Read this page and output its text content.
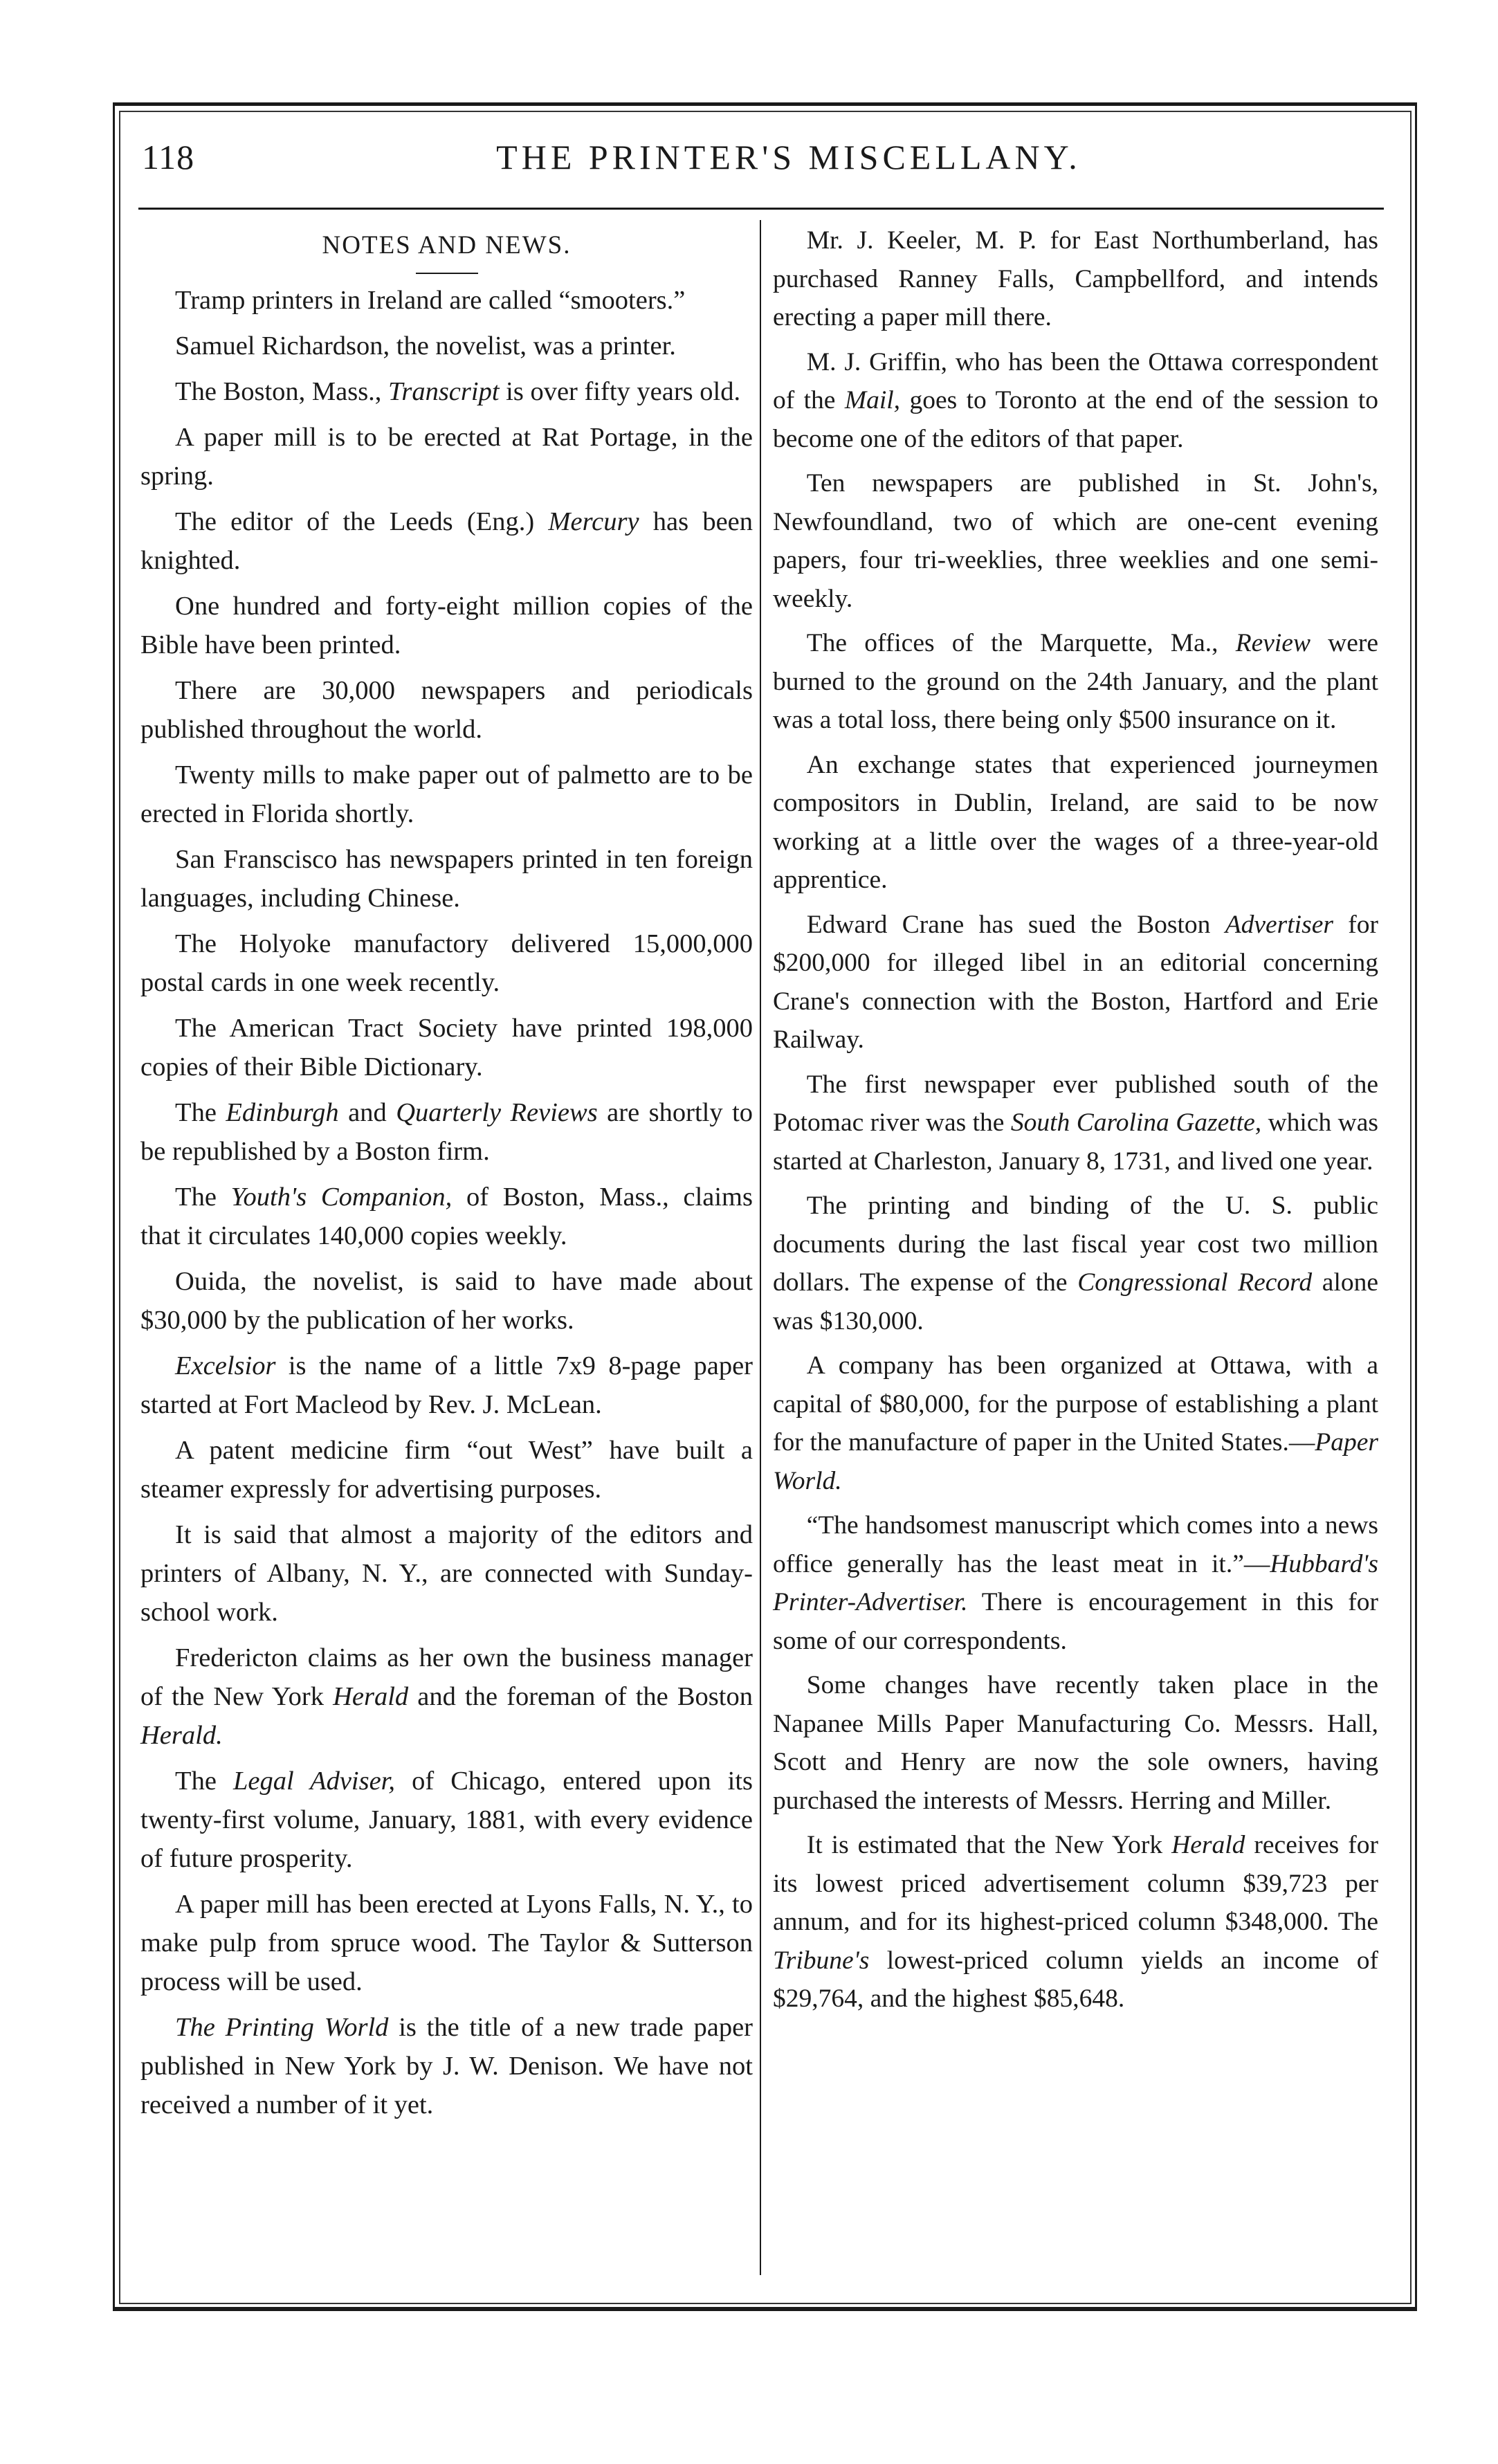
118	THE PRINTER'S MISCELLANY.
NOTES AND NEWS.

Tramp printers in Ireland are called “smooters.”

Samuel Richardson, the novelist, was a printer.

The Boston, Mass., Transcript is over fifty years old.

A paper mill is to be erected at Rat Portage, in the spring.

The editor of the Leeds (Eng.) Mercury has been knighted.

One hundred and forty-eight million copies of the Bible have been printed.

There are 30,000 newspapers and periodicals published throughout the world.

Twenty mills to make paper out of palmetto are to be erected in Florida shortly.

San Franscisco has newspapers printed in ten foreign languages, including Chinese.

The Holyoke manufactory delivered 15,000,000 postal cards in one week recently.

The American Tract Society have printed 198,000 copies of their Bible Dictionary.

The Edinburgh and Quarterly Reviews are shortly to be republished by a Boston firm.

The Youth's Companion, of Boston, Mass., claims that it circulates 140,000 copies weekly.

Ouida, the novelist, is said to have made about $30,000 by the publication of her works.

Excelsior is the name of a little 7x9 8-page paper started at Fort Macleod by Rev. J. McLean.

A patent medicine firm “out West” have built a steamer expressly for advertising purposes.

It is said that almost a majority of the editors and printers of Albany, N. Y., are connected with Sunday-school work.

Fredericton claims as her own the business manager of the New York Herald and the foreman of the Boston Herald.

The Legal Adviser, of Chicago, entered upon its twenty-first volume, January, 1881, with every evidence of future prosperity.

A paper mill has been erected at Lyons Falls, N. Y., to make pulp from spruce wood. The Taylor & Sutterson process will be used.

The Printing World is the title of a new trade paper published in New York by J. W. Denison. We have not received a number of it yet.

Mr. J. Keeler, M. P. for East Northumberland, has purchased Ranney Falls, Campbellford, and intends erecting a paper mill there.

M. J. Griffin, who has been the Ottawa correspondent of the Mail, goes to Toronto at the end of the session to become one of the editors of that paper.

Ten newspapers are published in St. John's, Newfoundland, two of which are one-cent evening papers, four tri-weeklies, three weeklies and one semi-weekly.

The offices of the Marquette, Ma., Review were burned to the ground on the 24th January, and the plant was a total loss, there being only $500 insurance on it.

An exchange states that experienced journeymen compositors in Dublin, Ireland, are said to be now working at a little over the wages of a three-year-old apprentice.

Edward Crane has sued the Boston Advertiser for $200,000 for illeged libel in an editorial concerning Crane's connection with the Boston, Hartford and Erie Railway.

The first newspaper ever published south of the Potomac river was the South Carolina Gazette, which was started at Charleston, January 8, 1731, and lived one year.

The printing and binding of the U. S. public documents during the last fiscal year cost two million dollars. The expense of the Congressional Record alone was $130,000.

A company has been organized at Ottawa, with a capital of $80,000, for the purpose of establishing a plant for the manufacture of paper in the United States.—Paper World.

“The handsomest manuscript which comes into a news office generally has the least meat in it.”—Hubbard's Printer-Advertiser. There is encouragement in this for some of our correspondents.

Some changes have recently taken place in the Napanee Mills Paper Manufacturing Co. Messrs. Hall, Scott and Henry are now the sole owners, having purchased the interests of Messrs. Herring and Miller.

It is estimated that the New York Herald receives for its lowest priced advertisement column $39,723 per annum, and for its highest-priced column $348,000. The Tribune's lowest-priced column yields an income of $29,764, and the highest $85,648.
